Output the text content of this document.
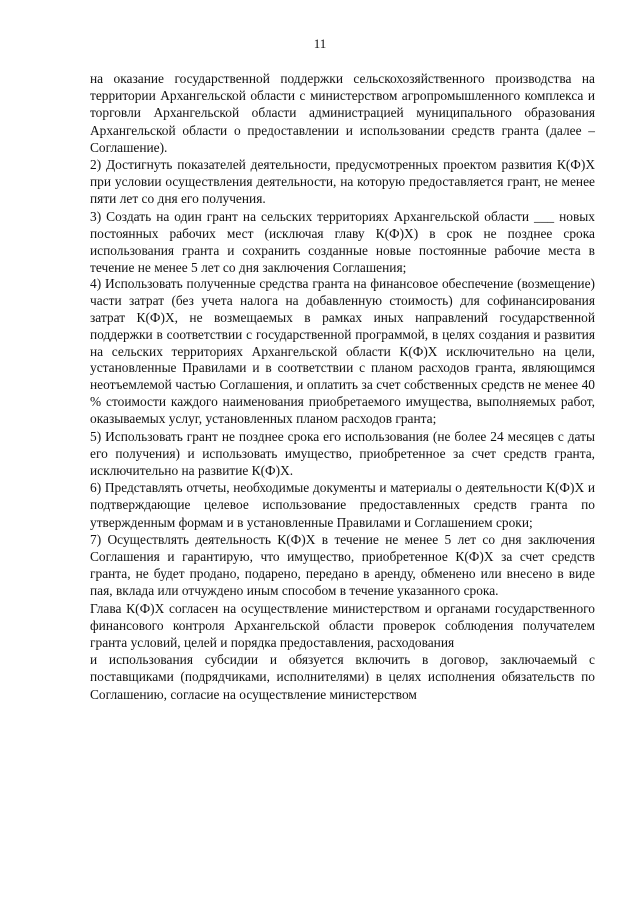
11

на оказание государственной поддержки сельскохозяйственного производства на территории Архангельской области с министерством агропромышленного комплекса и торговли Архангельской области администрацией муниципального образования Архангельской области о предоставлении и использовании средств гранта (далее – Соглашение).

2) Достигнуть показателей деятельности, предусмотренных проектом развития К(Ф)Х при условии осуществления деятельности, на которую предоставляется грант, не менее пяти лет со дня его получения.

3) Создать на один грант на сельских территориях Архангельской области ___ новых постоянных рабочих мест (исключая главу К(Ф)Х) в срок не позднее срока использования гранта и сохранить созданные новые постоянные рабочие места в течение не менее 5 лет со дня заключения Соглашения;

4) Использовать полученные средства гранта на финансовое обеспечение (возмещение) части затрат (без учета налога на добавленную стоимость) для софинансирования затрат К(Ф)Х, не возмещаемых в рамках иных направлений государственной поддержки в соответствии с государственной программой, в целях создания и развития на сельских территориях Архангельской области К(Ф)Х исключительно на цели, установленные Правилами и в соответствии с планом расходов гранта, являющимся неотъемлемой частью Соглашения, и оплатить за счет собственных средств не менее 40 % стоимости каждого наименования приобретаемого имущества, выполняемых работ, оказываемых услуг, установленных планом расходов гранта;

5) Использовать грант не позднее срока его использования (не более 24 месяцев с даты его получения) и использовать имущество, приобретенное за счет средств гранта, исключительно на развитие К(Ф)Х.

6) Представлять отчеты, необходимые документы и материалы о деятельности К(Ф)Х и подтверждающие целевое использование предоставленных средств гранта по утвержденным формам и в установленные Правилами и Соглашением сроки;

7) Осуществлять деятельность К(Ф)Х в течение не менее 5 лет со дня заключения Соглашения и гарантирую, что имущество, приобретенное К(Ф)Х за счет средств гранта, не будет продано, подарено, передано в аренду, обменено или внесено в виде пая, вклада или отчуждено иным способом в течение указанного срока.

Глава К(Ф)Х согласен на осуществление министерством и органами государственного финансового контроля Архангельской области проверок соблюдения получателем гранта условий, целей и порядка предоставления, расходования

и использования субсидии и обязуется включить в договор, заключаемый с поставщиками (подрядчиками, исполнителями) в целях исполнения обязательств по Соглашению, согласие на осуществление министерством
